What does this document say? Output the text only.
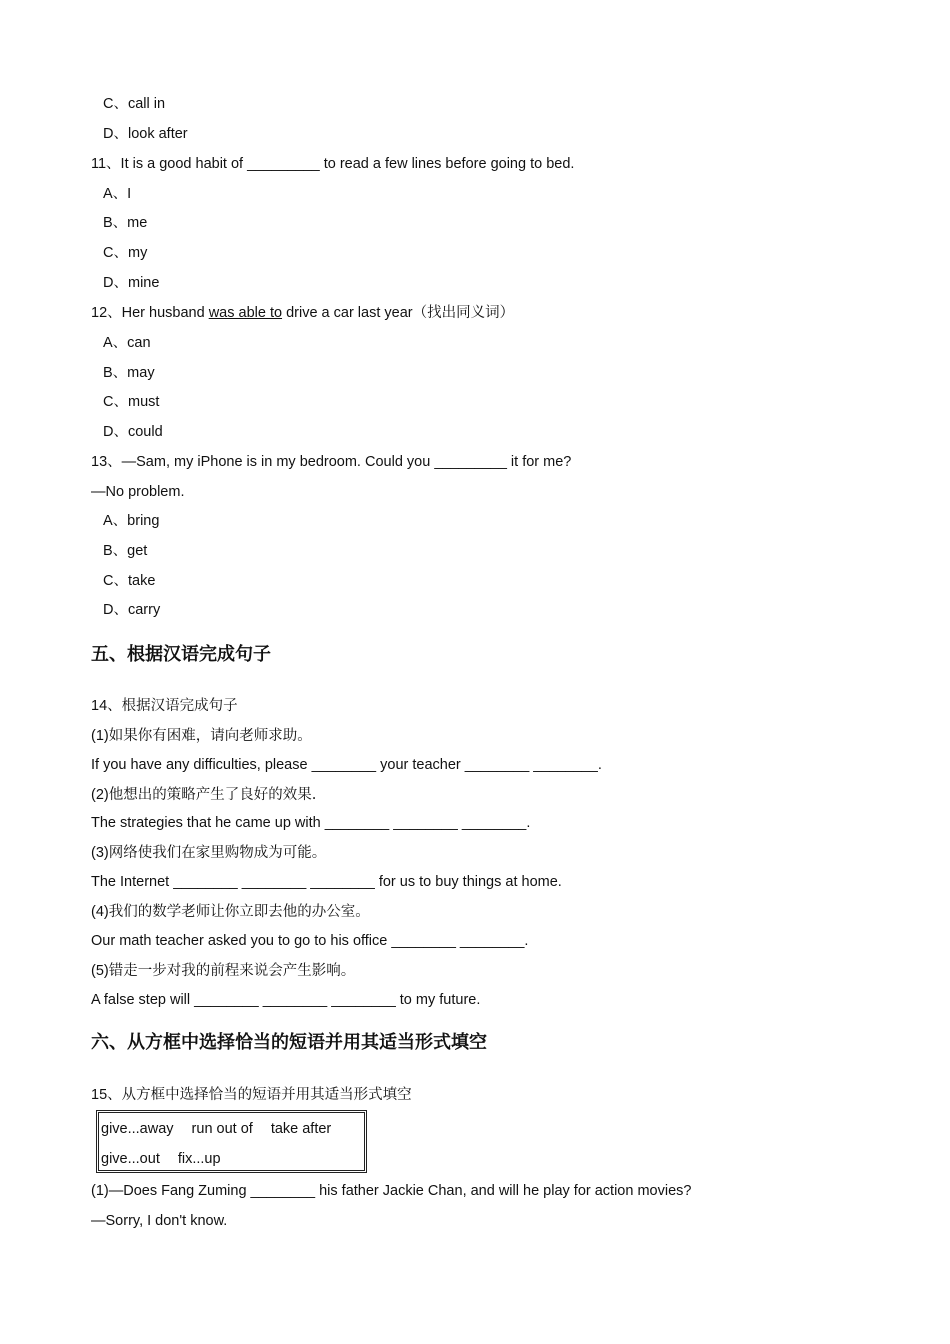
C、call in
D、look after
11、It is a good habit of _________ to read a few lines before going to bed.
A、I
B、me
C、my
D、mine
12、Her husband was able to drive a car last year（找出同义词）
A、can
B、may
C、must
D、could
13、—Sam, my iPhone is in my bedroom. Could you _________ it for me?
—No problem.
A、bring
B、get
C、take
D、carry
五、根据汉语完成句子
14、根据汉语完成句子
(1)如果你有困难，请向老师求助。
If you have any difficulties, please ________ your teacher ________ ________.
(2)他想出的策略产生了良好的效果.
The strategies that he came up with ________ ________ ________.
(3)网络使我们在家里购物成为可能。
The Internet ________ ________ ________ for us to buy things at home.
(4)我们的数学老师让你立即去他的办公室。
Our math teacher asked you to go to his office ________ ________.
(5)错走一步对我的前程来说会产生影响。
A false step will ________ ________ ________ to my future.
六、从方框中选择恰当的短语并用其适当形式填空
15、从方框中选择恰当的短语并用其适当形式填空
give...away run out of take after
give...out fix...up
(1)—Does Fang Zuming ________ his father Jackie Chan, and will he play for action movies?
—Sorry, I don't know.
